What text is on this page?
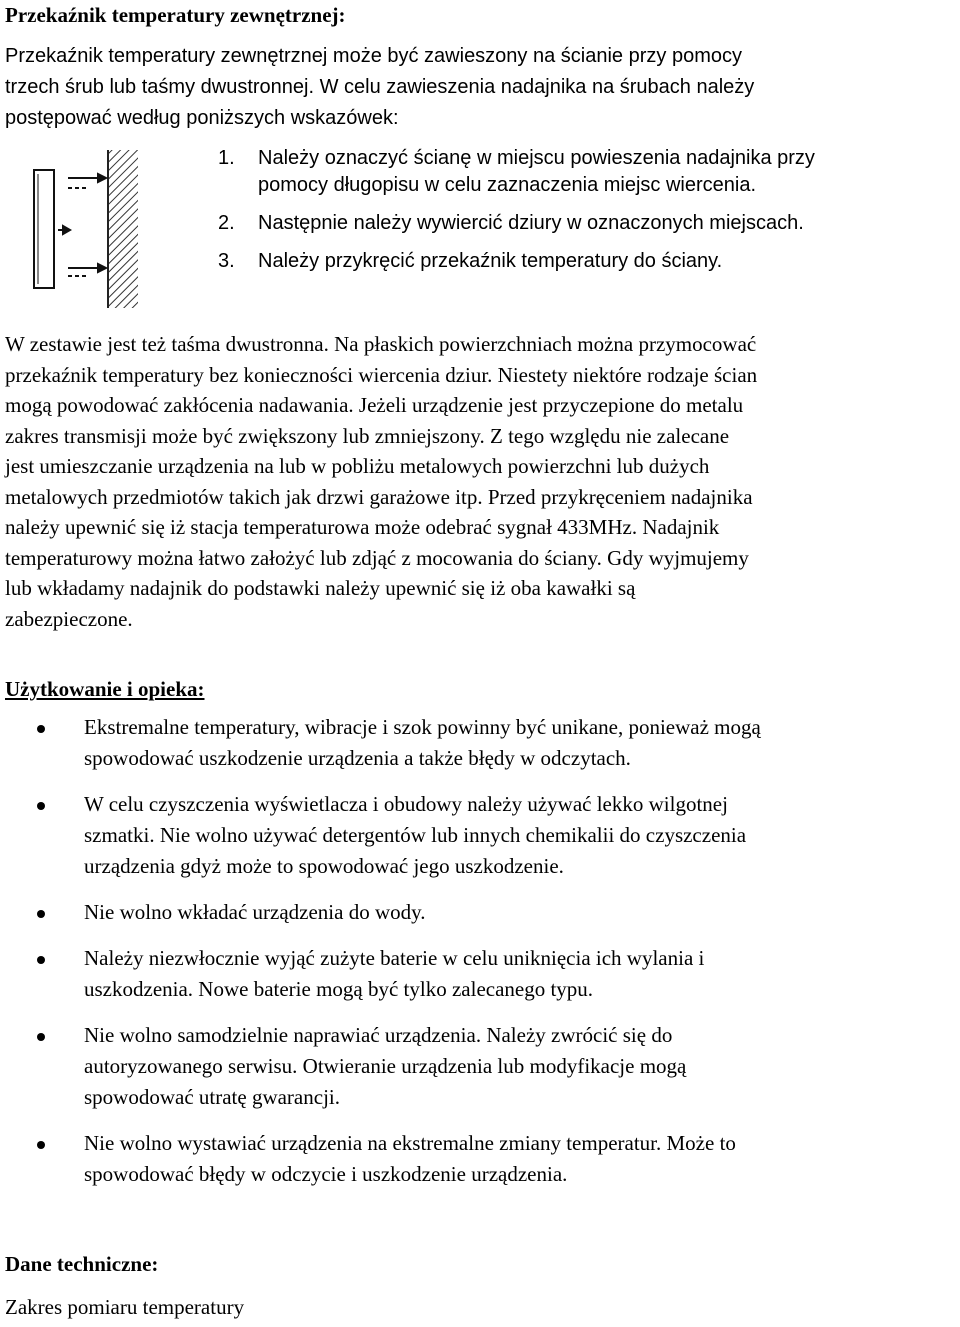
Przekaźnik temperatury zewnętrznej:

Przekaźnik temperatury zewnętrznej może być zawieszony na ścianie przy pomocy
trzech śrub lub taśmy dwustronnej. W celu zawieszenia nadajnika na śrubach należy
postępować według poniższych wskazówek:

1. Należy oznaczyć ścianę w miejscu powieszenia nadajnika przy
pomocy długopisu w celu zaznaczenia miejsc wiercenia.
2. Następnie należy wywiercić dziury w oznaczonych miejscach.
3. Należy przykręcić przekaźnik temperatury do ściany.

W zestawie jest też taśma dwustronna. Na płaskich powierzchniach można przymocować
przekaźnik temperatury bez konieczności wiercenia dziur. Niestety niektóre rodzaje ścian
mogą powodować zakłócenia nadawania. Jeżeli urządzenie jest przyczepione do metalu
zakres transmisji może być zwiększony lub zmniejszony. Z tego względu nie zalecane
jest umieszczanie urządzenia na lub w pobliżu metalowych powierzchni lub dużych
metalowych przedmiotów takich jak drzwi garażowe itp. Przed przykręceniem nadajnika
należy upewnić się iż stacja temperaturowa może odebrać sygnał 433MHz. Nadajnik
temperaturowy można łatwo założyć lub zdjąć z mocowania do ściany. Gdy wyjmujemy
lub wkładamy nadajnik do podstawki należy upewnić się iż oba kawałki są
zabezpieczone.

Użytkowanie i opieka:
Ekstremalne temperatury, wibracje i szok powinny być unikane, ponieważ mogą
spowodować uszkodzenie urządzenia a także błędy w odczytach.
W celu czyszczenia wyświetlacza i obudowy należy używać lekko wilgotnej
szmatki. Nie wolno używać detergentów lub innych chemikalii do czyszczenia
urządzenia gdyż może to spowodować jego uszkodzenie.
Nie wolno wkładać urządzenia do wody.
Należy niezwłocznie wyjąć zużyte baterie w celu uniknięcia ich wylania i
uszkodzenia. Nowe baterie mogą być tylko zalecanego typu.
Nie wolno samodzielnie naprawiać urządzenia. Należy zwrócić się do
autoryzowanego serwisu. Otwieranie urządzenia lub modyfikacje mogą
spowodować utratę gwarancji.
Nie wolno wystawiać urządzenia na ekstremalne zmiany temperatur. Może to
spowodować błędy w odczycie i uszkodzenie urządzenia.
Dane techniczne:

Zakres pomiaru temperatury
